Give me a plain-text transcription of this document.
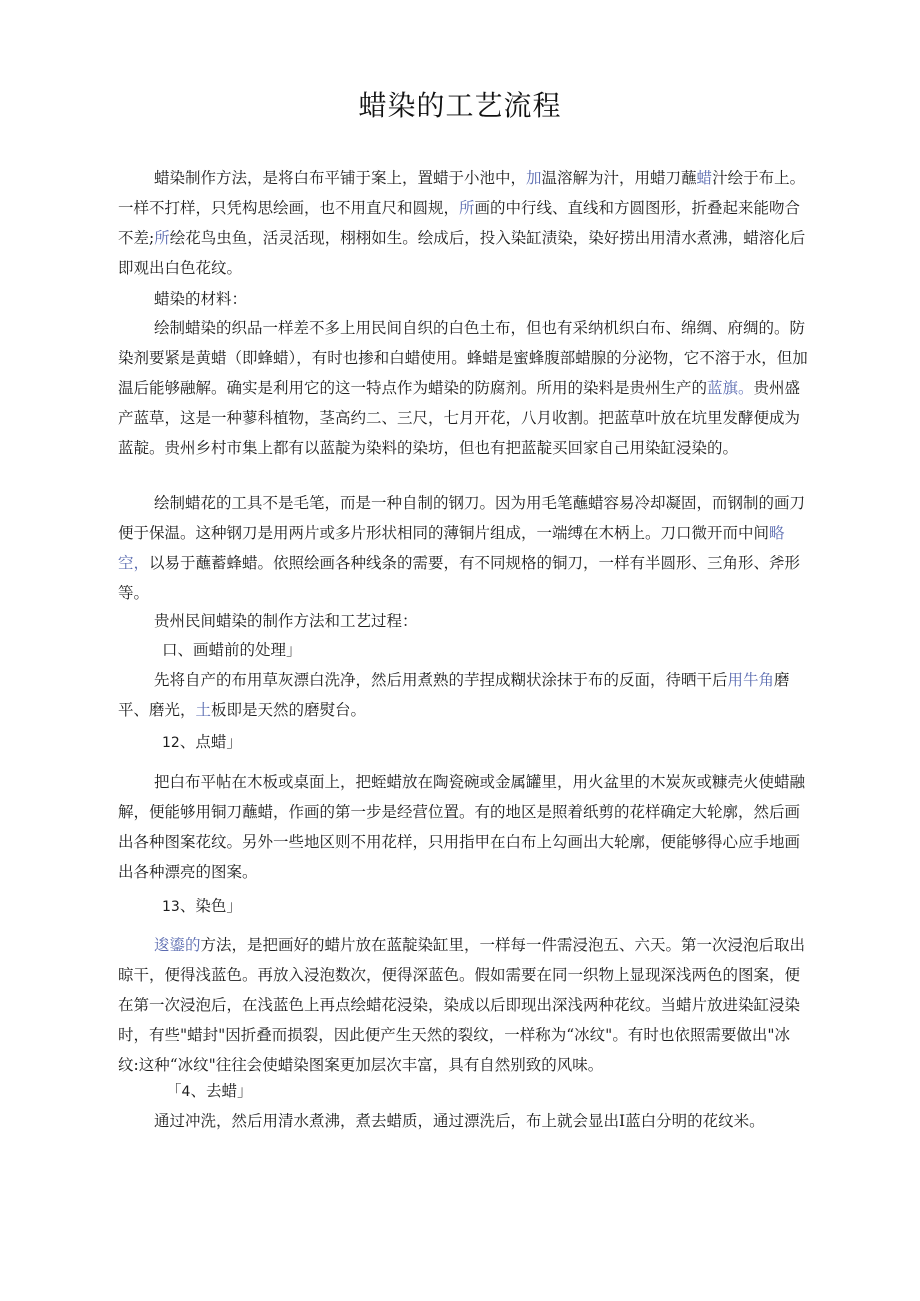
蜡染的工艺流程

蜡染制作方法，是将白布平铺于案上，置蜡于小池中，加温溶解为汁，用蜡刀蘸蜡汁绘于布上。一样不打样，只凭构思绘画，也不用直尺和圆规，所画的中行线、直线和方圆图形，折叠起来能吻合不差;所绘花鸟虫鱼，活灵活现，栩栩如生。绘成后，投入染缸渍染，染好捞出用清水煮沸，蜡溶化后即观出白色花纹。

蜡染的材料：

绘制蜡染的织品一样差不多上用民间自织的白色土布，但也有采纳机织白布、绵绸、府绸的。防染剂要紧是黄蜡（即蜂蜡），有时也掺和白蜡使用。蜂蜡是蜜蜂腹部蜡腺的分泌物，它不溶于水，但加温后能够融解。确实是利用它的这一特点作为蜡染的防腐剂。所用的染料是贵州生产的蓝旗。贵州盛产蓝草，这是一种蓼科植物，茎高约二、三尺，七月开花，八月收割。把蓝草叶放在坑里发酵便成为蓝靛。贵州乡村市集上都有以蓝靛为染料的染坊，但也有把蓝靛买回家自己用染缸浸染的。

绘制蜡花的工具不是毛笔，而是一种自制的钢刀。因为用毛笔蘸蜡容易冷却凝固，而钢制的画刀便于保温。这种钢刀是用两片或多片形状相同的薄铜片组成，一端缚在木柄上。刀口微开而中间略空，以易于蘸蓄蜂蜡。依照绘画各种线条的需要，有不同规格的铜刀，一样有半圆形、三角形、斧形等。

贵州民间蜡染的制作方法和工艺过程：

口、画蜡前的处理」

先将自产的布用草灰漂白洗净，然后用煮熟的芋捏成糊状涂抹于布的反面，待晒干后用牛角磨平、磨光，土板即是天然的磨熨台。

12、点蜡」

把白布平帖在木板或桌面上，把蛭蜡放在陶瓷碗或金属罐里，用火盆里的木炭灰或糠壳火使蜡融解，便能够用铜刀蘸蜡，作画的第一步是经营位置。有的地区是照着纸剪的花样确定大轮廓，然后画出各种图案花纹。另外一些地区则不用花样，只用指甲在白布上勾画出大轮廓，便能够得心应手地画出各种漂亮的图案。

13、染色」

逡鎏的方法，是把画好的蜡片放在蓝靛染缸里，一样每一件需浸泡五、六天。第一次浸泡后取出晾干，便得浅蓝色。再放入浸泡数次，便得深蓝色。假如需要在同一织物上显现深浅两色的图案，便在第一次浸泡后，在浅蓝色上再点绘蜡花浸染，染成以后即现出深浅两种花纹。当蜡片放进染缸浸染时，有些"蜡封"因折叠而损裂，因此便产生天然的裂纹，一样称为“冰纹"。有时也依照需要做出"冰纹:这种“冰纹"往往会使蜡染图案更加层次丰富，具有自然别致的风味。

「4、去蜡」

通过冲洗，然后用清水煮沸，煮去蜡质，通过漂洗后，布上就会显出I蓝白分明的花纹米。
